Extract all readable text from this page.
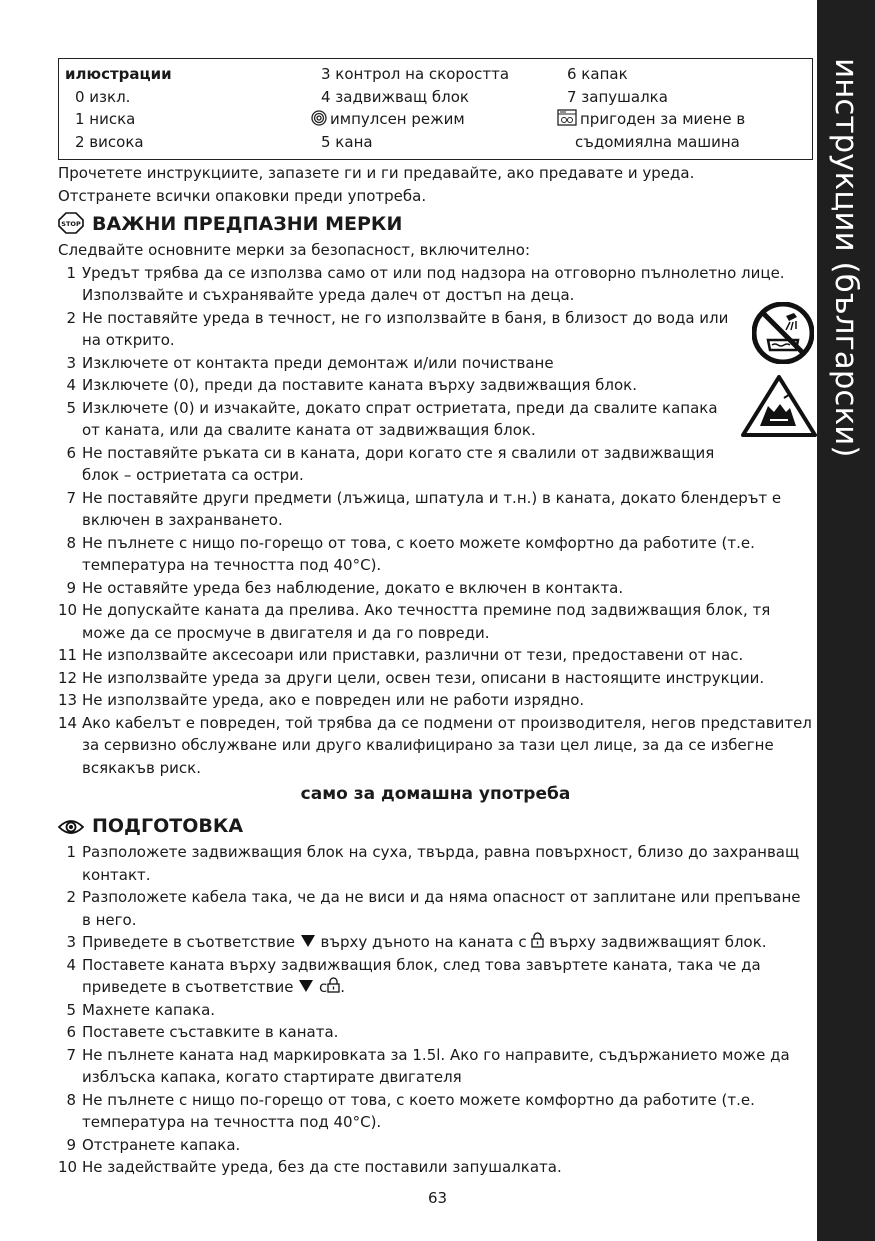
инструкции (български)
илюстрации
0 изкл.
1 ниска
2 висока
3 контрол на скоростта
4 задвижващ блок
импулсен режим
5 кана
6 капак
7 запушалка
пригоден за миене в
съдомиялна машина

Прочетете инструкциите, запазете ги и ги предавайте, ако предавате и уреда.

Отстранете всички опаковки преди употреба.

STOP ВАЖНИ ПРЕДПАЗНИ МЕРКИ

Следвайте основните мерки за безопасност, включително:

1 Уредът трябва да се използва само от или под надзора на отговорно пълнолетно лице. Използвайте и съхранявайте уреда далеч от достъп на деца.
2 Не поставяйте уреда в течност, не го използвайте в баня, в близост до вода или на открито.
3 Изключете от контакта преди демонтаж и/или почистване
4 Изключете (0), преди да поставите каната върху задвижващия блок.
5 Изключете (0) и изчакайте, докато спрат остриетата, преди да свалите капака от каната, или да свалите каната от задвижващия блок.
6 Не поставяйте ръката си в каната, дори когато сте я свалили от задвижващия блок – остриетата са остри.
7 Не поставяйте други предмети (лъжица, шпатула и т.н.) в каната, докато блендерът е включен в захранването.
8 Не пълнете с нищо по-горещо от това, с което можете комфортно да работите (т.е. температура на течността под 40°C).
9 Не оставяйте уреда без наблюдение, докато е включен в контакта.
10 Не допускайте каната да прелива. Ако течността премине под задвижващия блок, тя може да се просмуче в двигателя и да го повреди.
11 Не използвайте аксесоари или приставки, различни от тези, предоставени от нас.
12 Не използвайте уреда за други цели, освен тези, описани в настоящите инструкции.
13 Не използвайте уреда, ако е повреден или не работи изрядно.
14 Ако кабелът е повреден, той трябва да се подмени от производителя, негов представител за сервизно обслужване или друго квалифицирано за тази цел лице, за да се избегне всякакъв риск.
само за домашна употреба
ПОДГОТОВКА
1 Разположете задвижващия блок на суха, твърда, равна повърхност, близо до захранващ контакт.
2 Разположете кабела така, че да не виси и да няма опасност от заплитане или препъване в него.
3 Приведете в съответствие върху дъното на каната с върху задвижващият блок.
4 Поставете каната върху задвижващия блок, след това завъртете каната, така че да приведете в съответствие с .
5 Махнете капака.
6 Поставете съставките в каната.
7 Не пълнете каната над маркировката за 1.5l. Ако го направите, съдържанието може да изблъска капака, когато стартирате двигателя
8 Не пълнете с нищо по-горещо от това, с което можете комфортно да работите (т.е. температура на течността под 40°C).
9 Отстранете капака.
10 Не задействайте уреда, без да сте поставили запушалката.
63
